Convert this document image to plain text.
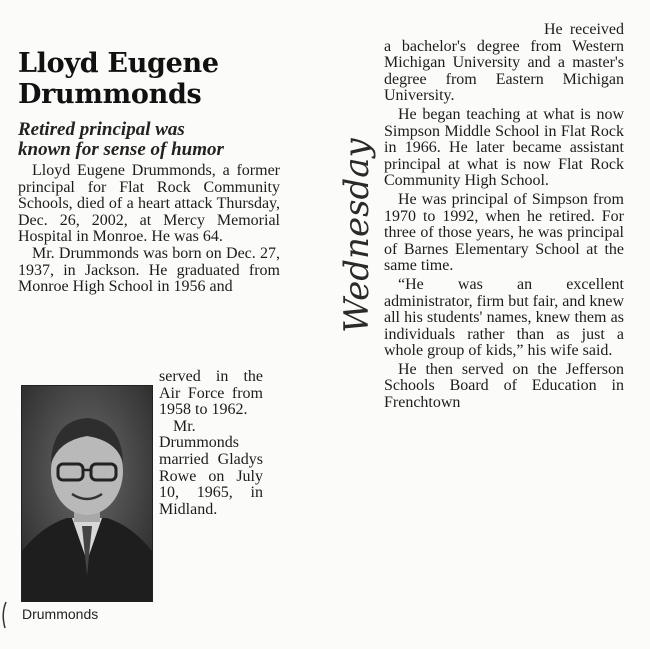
Lloyd Eugene
Drummonds
Retired principal was
known for sense of humor

Lloyd Eugene Drummonds, a former principal for Flat Rock Community Schools, died of a heart attack Thursday, Dec. 26, 2002, at Mercy Memorial Hospital in Monroe. He was 64.

Mr. Drummonds was born on Dec. 27, 1937, in Jackson. He graduated from Monroe High School in 1956 and

Drummonds

served in the Air Force from 1958 to 1962.

Mr. Drummonds married Gladys Rowe on July 10, 1965, in Midland.

Wednesday

He received a bachelor's degree from Western Michigan University and a master's degree from Eastern Michigan University.

He began teaching at what is now Simpson Middle School in Flat Rock in 1966. He later became assistant principal at what is now Flat Rock Community High School.

He was principal of Simpson from 1970 to 1992, when he retired. For three of those years, he was principal of Barnes Elementary School at the same time.

“He was an excellent administrator, firm but fair, and knew all his students' names, knew them as individuals rather than as just a whole group of kids,” his wife said.

He then served on the Jefferson Schools Board of Education in Frenchtown
